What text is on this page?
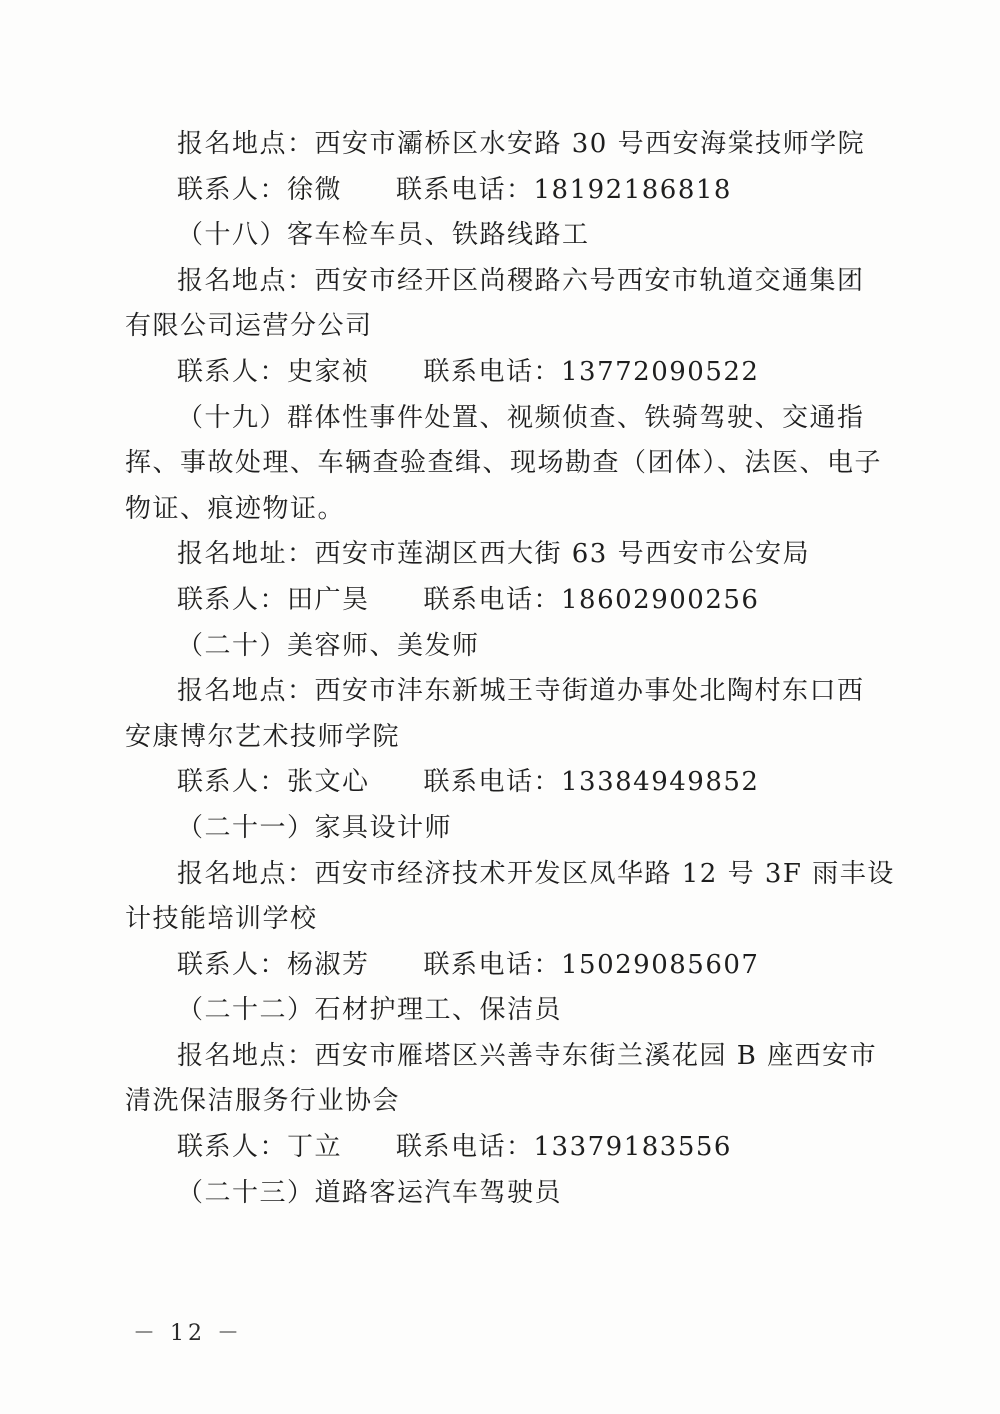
报名地点：西安市灞桥区水安路 30 号西安海棠技师学院
联系人：徐微 联系电话：18192186818
（十八）客车检车员、铁路线路工
报名地点：西安市经开区尚稷路六号西安市轨道交通集团
有限公司运营分公司
联系人：史家祯 联系电话：13772090522
（十九）群体性事件处置、视频侦查、铁骑驾驶、交通指
挥、事故处理、车辆查验查缉、现场勘查（团体）、法医、电子
物证、痕迹物证。
报名地址：西安市莲湖区西大街 63 号西安市公安局
联系人：田广昊 联系电话：18602900256
（二十）美容师、美发师
报名地点：西安市沣东新城王寺街道办事处北陶村东口西
安康博尔艺术技师学院
联系人：张文心 联系电话：13384949852
（二十一）家具设计师
报名地点：西安市经济技术开发区凤华路 12 号 3F 雨丰设
计技能培训学校
联系人：杨淑芳 联系电话：15029085607
（二十二）石材护理工、保洁员
报名地点：西安市雁塔区兴善寺东街兰溪花园 B 座西安市
清洗保洁服务行业协会
联系人：丁立 联系电话：13379183556
（二十三）道路客运汽车驾驶员
－ 12 －
